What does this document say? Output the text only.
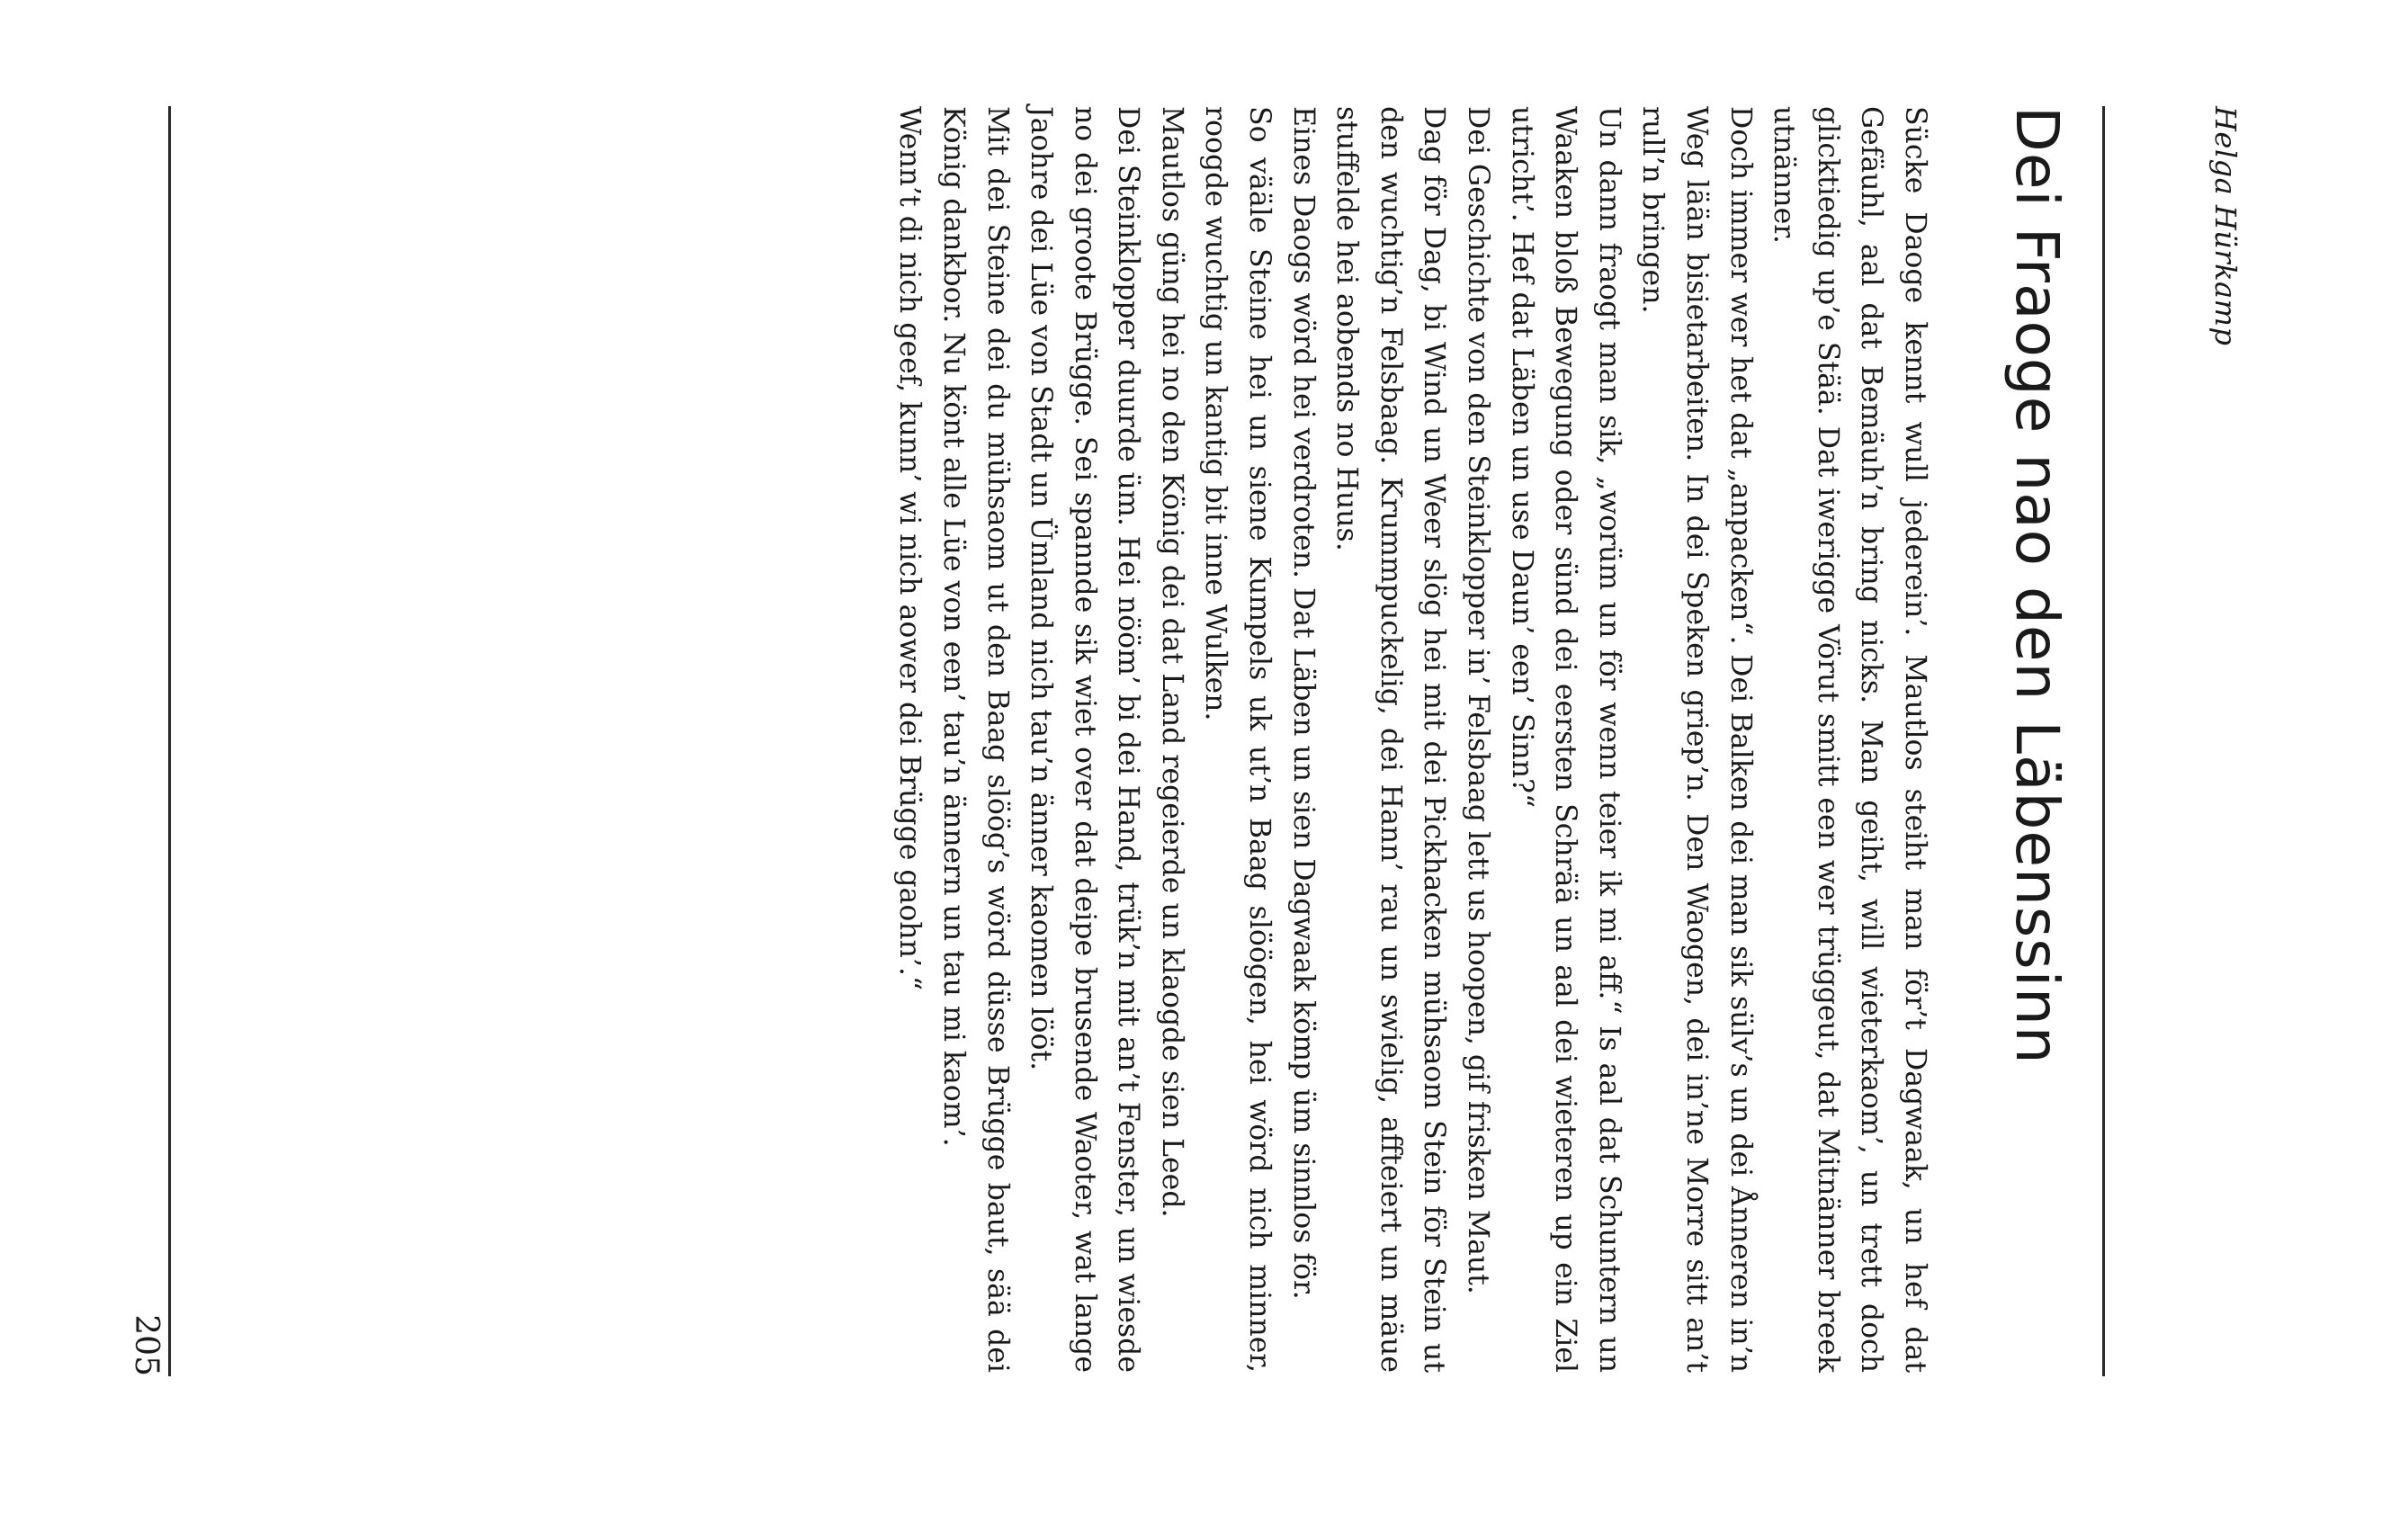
Helga Hürkamp

Dei Fraoge nao den Läbenssinn

Sücke Daoge kennt wull jederein’. Mautlos steiht man för’t Dagwaak, un hef dat Gefäuhl, aal dat Bemäuh’n bring nicks. Man geiht, will wieterkaom’, un trett doch glicktiedig up’e Stää. Dat iwerigge Vörut smitt een wer trüggeut, dat Mitnänner breek utnänner.

Doch immer wer het dat „anpacken“. Dei Balken dei man sik sülv’s un dei Ånneren in’n Weg lään bisietarbeiten. In dei Speken griep’n. Den Waogen, dei in’ne Morre sitt an’t rull’n bringen.

Un dann fraogt man sik, „worüm un för wenn teier ik mi aff.“ Is aal dat Schuntern un Waaken bloß Bewegung oder sünd dei eersten Schrää un aal dei wieteren up ein Ziel utricht’. Hef dat Läben un use Daun’ een’ Sinn?“

Dei Geschichte von den Steinklopper in’ Felsbaag lett us hoopen, gif frisken Maut.

Dag för Dag, bi Wind un Weer slög hei mit dei Pickhacken mühsaom Stein för Stein ut den wuchtig’n Felsbaag. Krummpuckelig, dei Hann’ rau un swielig, affteiert un mäue stuffelde hei aobends no Huus.

Eines Daogs wörd hei verdroten. Dat Läben un sien Dagwaak kömp üm sinnlos för.

So vääle Steine hei un siene Kumpels uk ut’n Baag slöögen, hei wörd nich minner, roogde wuchtig un kantig bit inne Wulken.

Mautlos güng hei no den König dei dat Land regeierde un klaogde sien Leed.

Dei Steinklopper duurde üm. Hei nööm’ bi dei Hand, trük’n mit an’t Fenster, un wiesde no dei groote Brügge. Sei spannde sik wiet over dat deipe brusende Waoter, wat lange Jaohre dei Lüe von Stadt un Ümland nich tau’n änner kaomen lööt.

Mit dei Steine dei du mühsaom ut den Baag slöög’s wörd düsse Brügge baut, sää dei König dankbor. Nu könt alle Lüe von een’ tau’n ännern un tau mi kaom’.

Wenn’t di nich geef, kunn’ wi nich aower dei Brügge gaohn’.“

205
